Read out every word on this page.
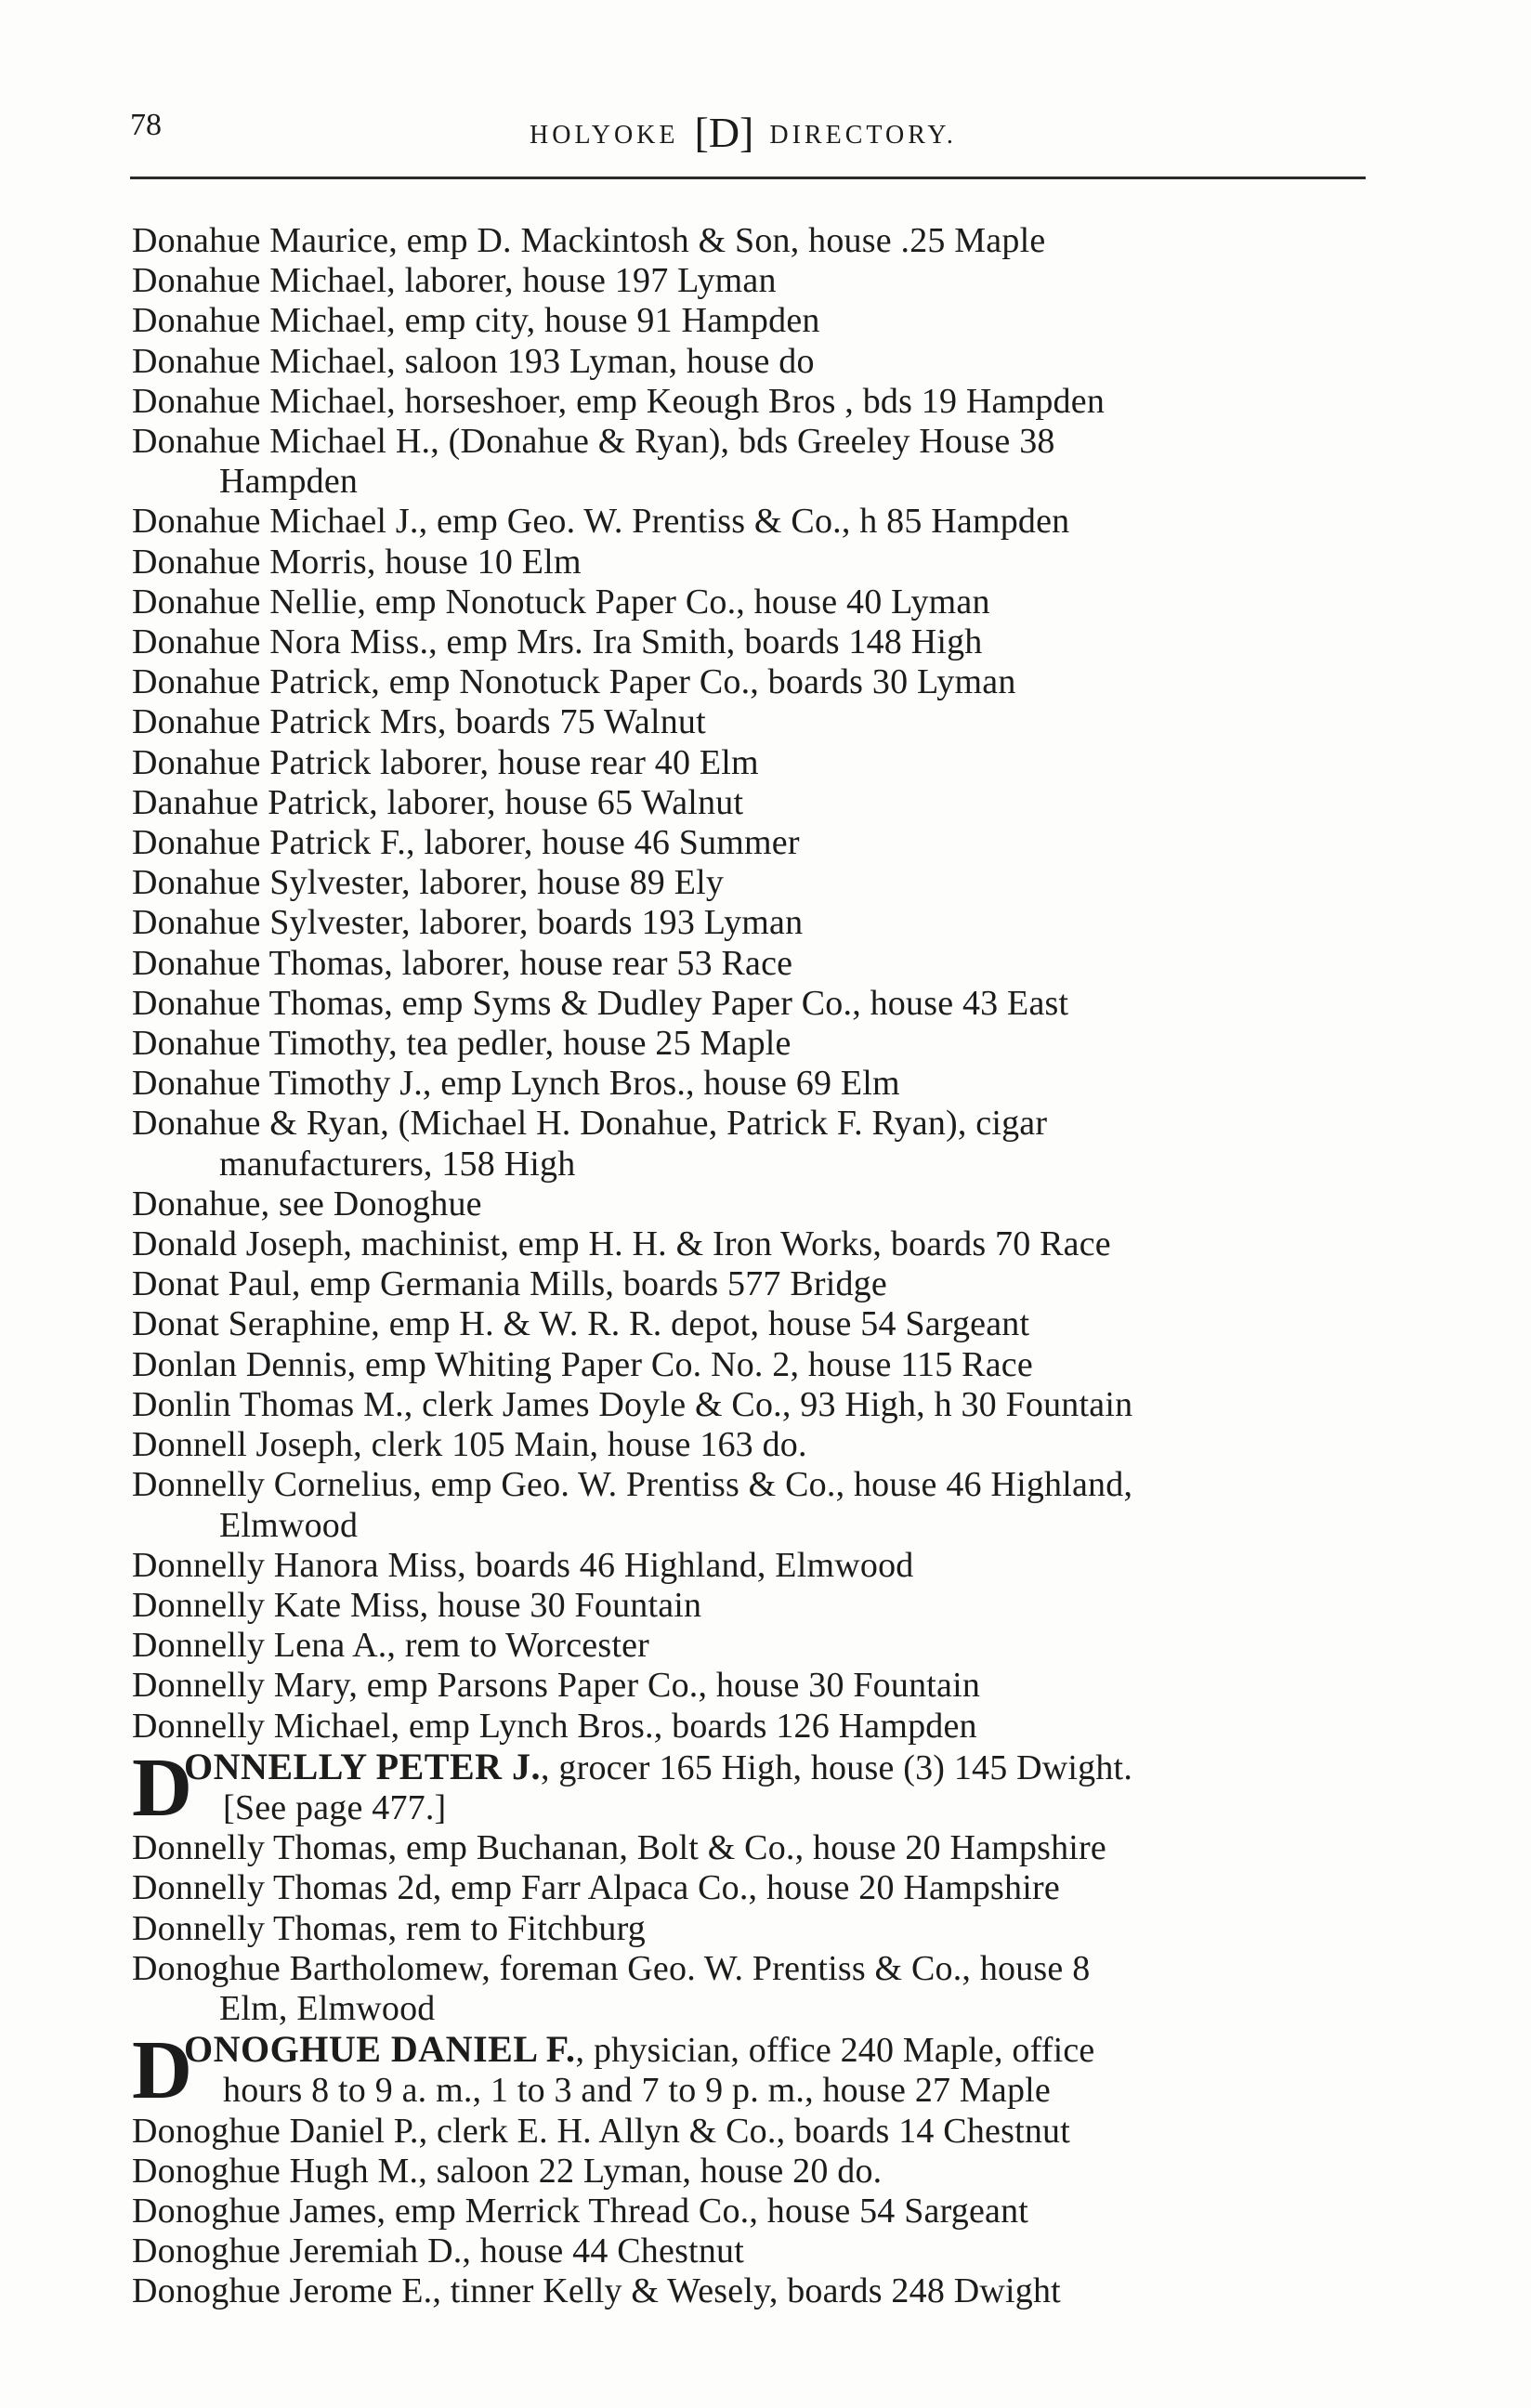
78	HOLYOKE [D] DIRECTORY.
Donahue Maurice, emp D. Mackintosh & Son, house .25 Maple
Donahue Michael, laborer, house 197 Lyman
Donahue Michael, emp city, house 91 Hampden
Donahue Michael, saloon 193 Lyman, house do
Donahue Michael, horseshoer, emp Keough Bros , bds 19 Hampden
Donahue Michael H., (Donahue & Ryan), bds Greeley House 38
Hampden
Donahue Michael J., emp Geo. W. Prentiss & Co., h 85 Hampden
Donahue Morris, house 10 Elm
Donahue Nellie, emp Nonotuck Paper Co., house 40 Lyman
Donahue Nora Miss., emp Mrs. Ira Smith, boards 148 High
Donahue Patrick, emp Nonotuck Paper Co., boards 30 Lyman
Donahue Patrick Mrs, boards 75 Walnut
Donahue Patrick laborer, house rear 40 Elm
Danahue Patrick, laborer, house 65 Walnut
Donahue Patrick F., laborer, house 46 Summer
Donahue Sylvester, laborer, house 89 Ely
Donahue Sylvester, laborer, boards 193 Lyman
Donahue Thomas, laborer, house rear 53 Race
Donahue Thomas, emp Syms & Dudley Paper Co., house 43 East
Donahue Timothy, tea pedler, house 25 Maple
Donahue Timothy J., emp Lynch Bros., house 69 Elm
Donahue & Ryan, (Michael H. Donahue, Patrick F. Ryan), cigar
manufacturers, 158 High
Donahue, see Donoghue
Donald Joseph, machinist, emp H. H. & Iron Works, boards 70 Race
Donat Paul, emp Germania Mills, boards 577 Bridge
Donat Seraphine, emp H. & W. R. R. depot, house 54 Sargeant
Donlan Dennis, emp Whiting Paper Co. No. 2, house 115 Race
Donlin Thomas M., clerk James Doyle & Co., 93 High, h 30 Fountain
Donnell Joseph, clerk 105 Main, house 163 do.
Donnelly Cornelius, emp Geo. W. Prentiss & Co., house 46 Highland,
Elmwood
Donnelly Hanora Miss, boards 46 Highland, Elmwood
Donnelly Kate Miss, house 30 Fountain
Donnelly Lena A., rem to Worcester
Donnelly Mary, emp Parsons Paper Co., house 30 Fountain
Donnelly Michael, emp Lynch Bros., boards 126 Hampden
D
ONNELLY PETER J., grocer 165 High, house (3) 145 Dwight.
[See page 477.]
Donnelly Thomas, emp Buchanan, Bolt & Co., house 20 Hampshire
Donnelly Thomas 2d, emp Farr Alpaca Co., house 20 Hampshire
Donnelly Thomas, rem to Fitchburg
Donoghue Bartholomew, foreman Geo. W. Prentiss & Co., house 8
Elm, Elmwood
D
ONOGHUE DANIEL F., physician, office 240 Maple, office
hours 8 to 9 a. m., 1 to 3 and 7 to 9 p. m., house 27 Maple
Donoghue Daniel P., clerk E. H. Allyn & Co., boards 14 Chestnut
Donoghue Hugh M., saloon 22 Lyman, house 20 do.
Donoghue James, emp Merrick Thread Co., house 54 Sargeant
Donoghue Jeremiah D., house 44 Chestnut
Donoghue Jerome E., tinner Kelly & Wesely, boards 248 Dwight
